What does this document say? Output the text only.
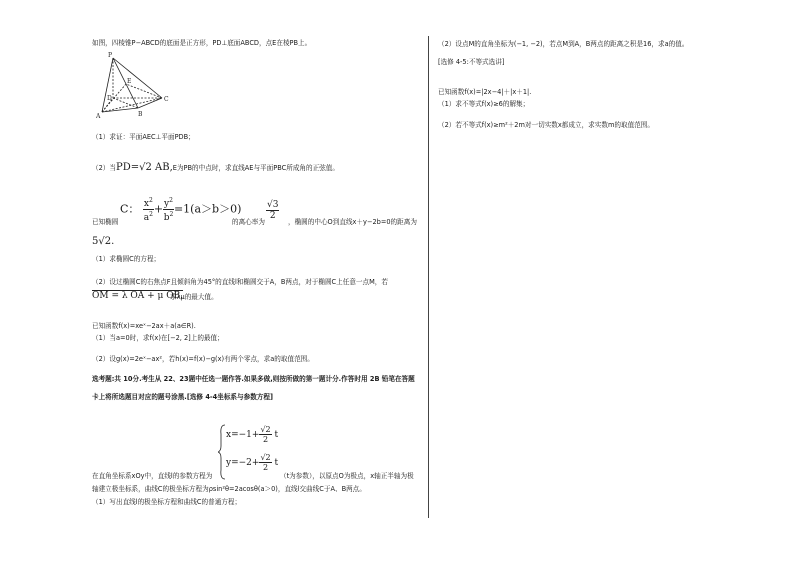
如图，四棱锥P−ABCD的底面是正方形，PD⊥底面ABCD，点E在棱PB上。
P
A	B
C
D
E
（1）求证：平面AEC⊥平面PDB；
（2）当PD=√2 AB,E为PB的中点时，求直线AE与平面PBC所成角的正弦值。
C： $\frac{x^2}{a^2} + \frac{y^2}{b^2} =1(a>b>0)$
已知椭圆	的离心率为
$\frac{√3}{2}$
，椭圆的中心O到直线x＋y−2b=0的距离为
5√2.
（1）求椭圆C的方程；
（2）设过椭圆C的右焦点F且倾斜角为45°的直线l和椭圆交于A，B两点，对于椭圆C上任意一点M，若
OM = λ OA + μ OB,
求λμ的最大值。
已知函数f(x)=xeˣ−2ax＋a(a∈R).
（1）当a=0时，求f(x)在[−2, 2]上的最值；
（2）设g(x)=2eˣ−ax²，若h(x)=f(x)−g(x)有两个零点，求a的取值范围。
选考题:共 10分.考生从 22、23题中任选一题作答.如果多做,则按所做的第一题计分.作答时用 2B 铅笔在答题
卡上将所选题目对应的题号涂黑.[选修 4-4坐标系与参数方程]
$x=-1+ \frac{√2}{2}$ t
$y=-2+ \frac{√2}{2}$ t
在直角坐标系xOy中，直线l的参数方程为	（t为参数），以原点O为极点，x轴正半轴为极
轴建立极坐标系，曲线C的极坐标方程为ρsin²θ=2acosθ(a＞0)，直线l交曲线C于A、B两点。
（1）写出直线l的极坐标方程和曲线C的普通方程；
（2）设点M的直角坐标为(−1, −2)，若点M到A，B两点的距离之积是16，求a的值。
[选修 4-5:不等式选讲]
已知函数f(x)=|2x−4|＋|x＋1|.
（1）求不等式f(x)≥6的解集；
（2）若不等式f(x)≥m²＋2m对一切实数x都成立，求实数m的取值范围。
